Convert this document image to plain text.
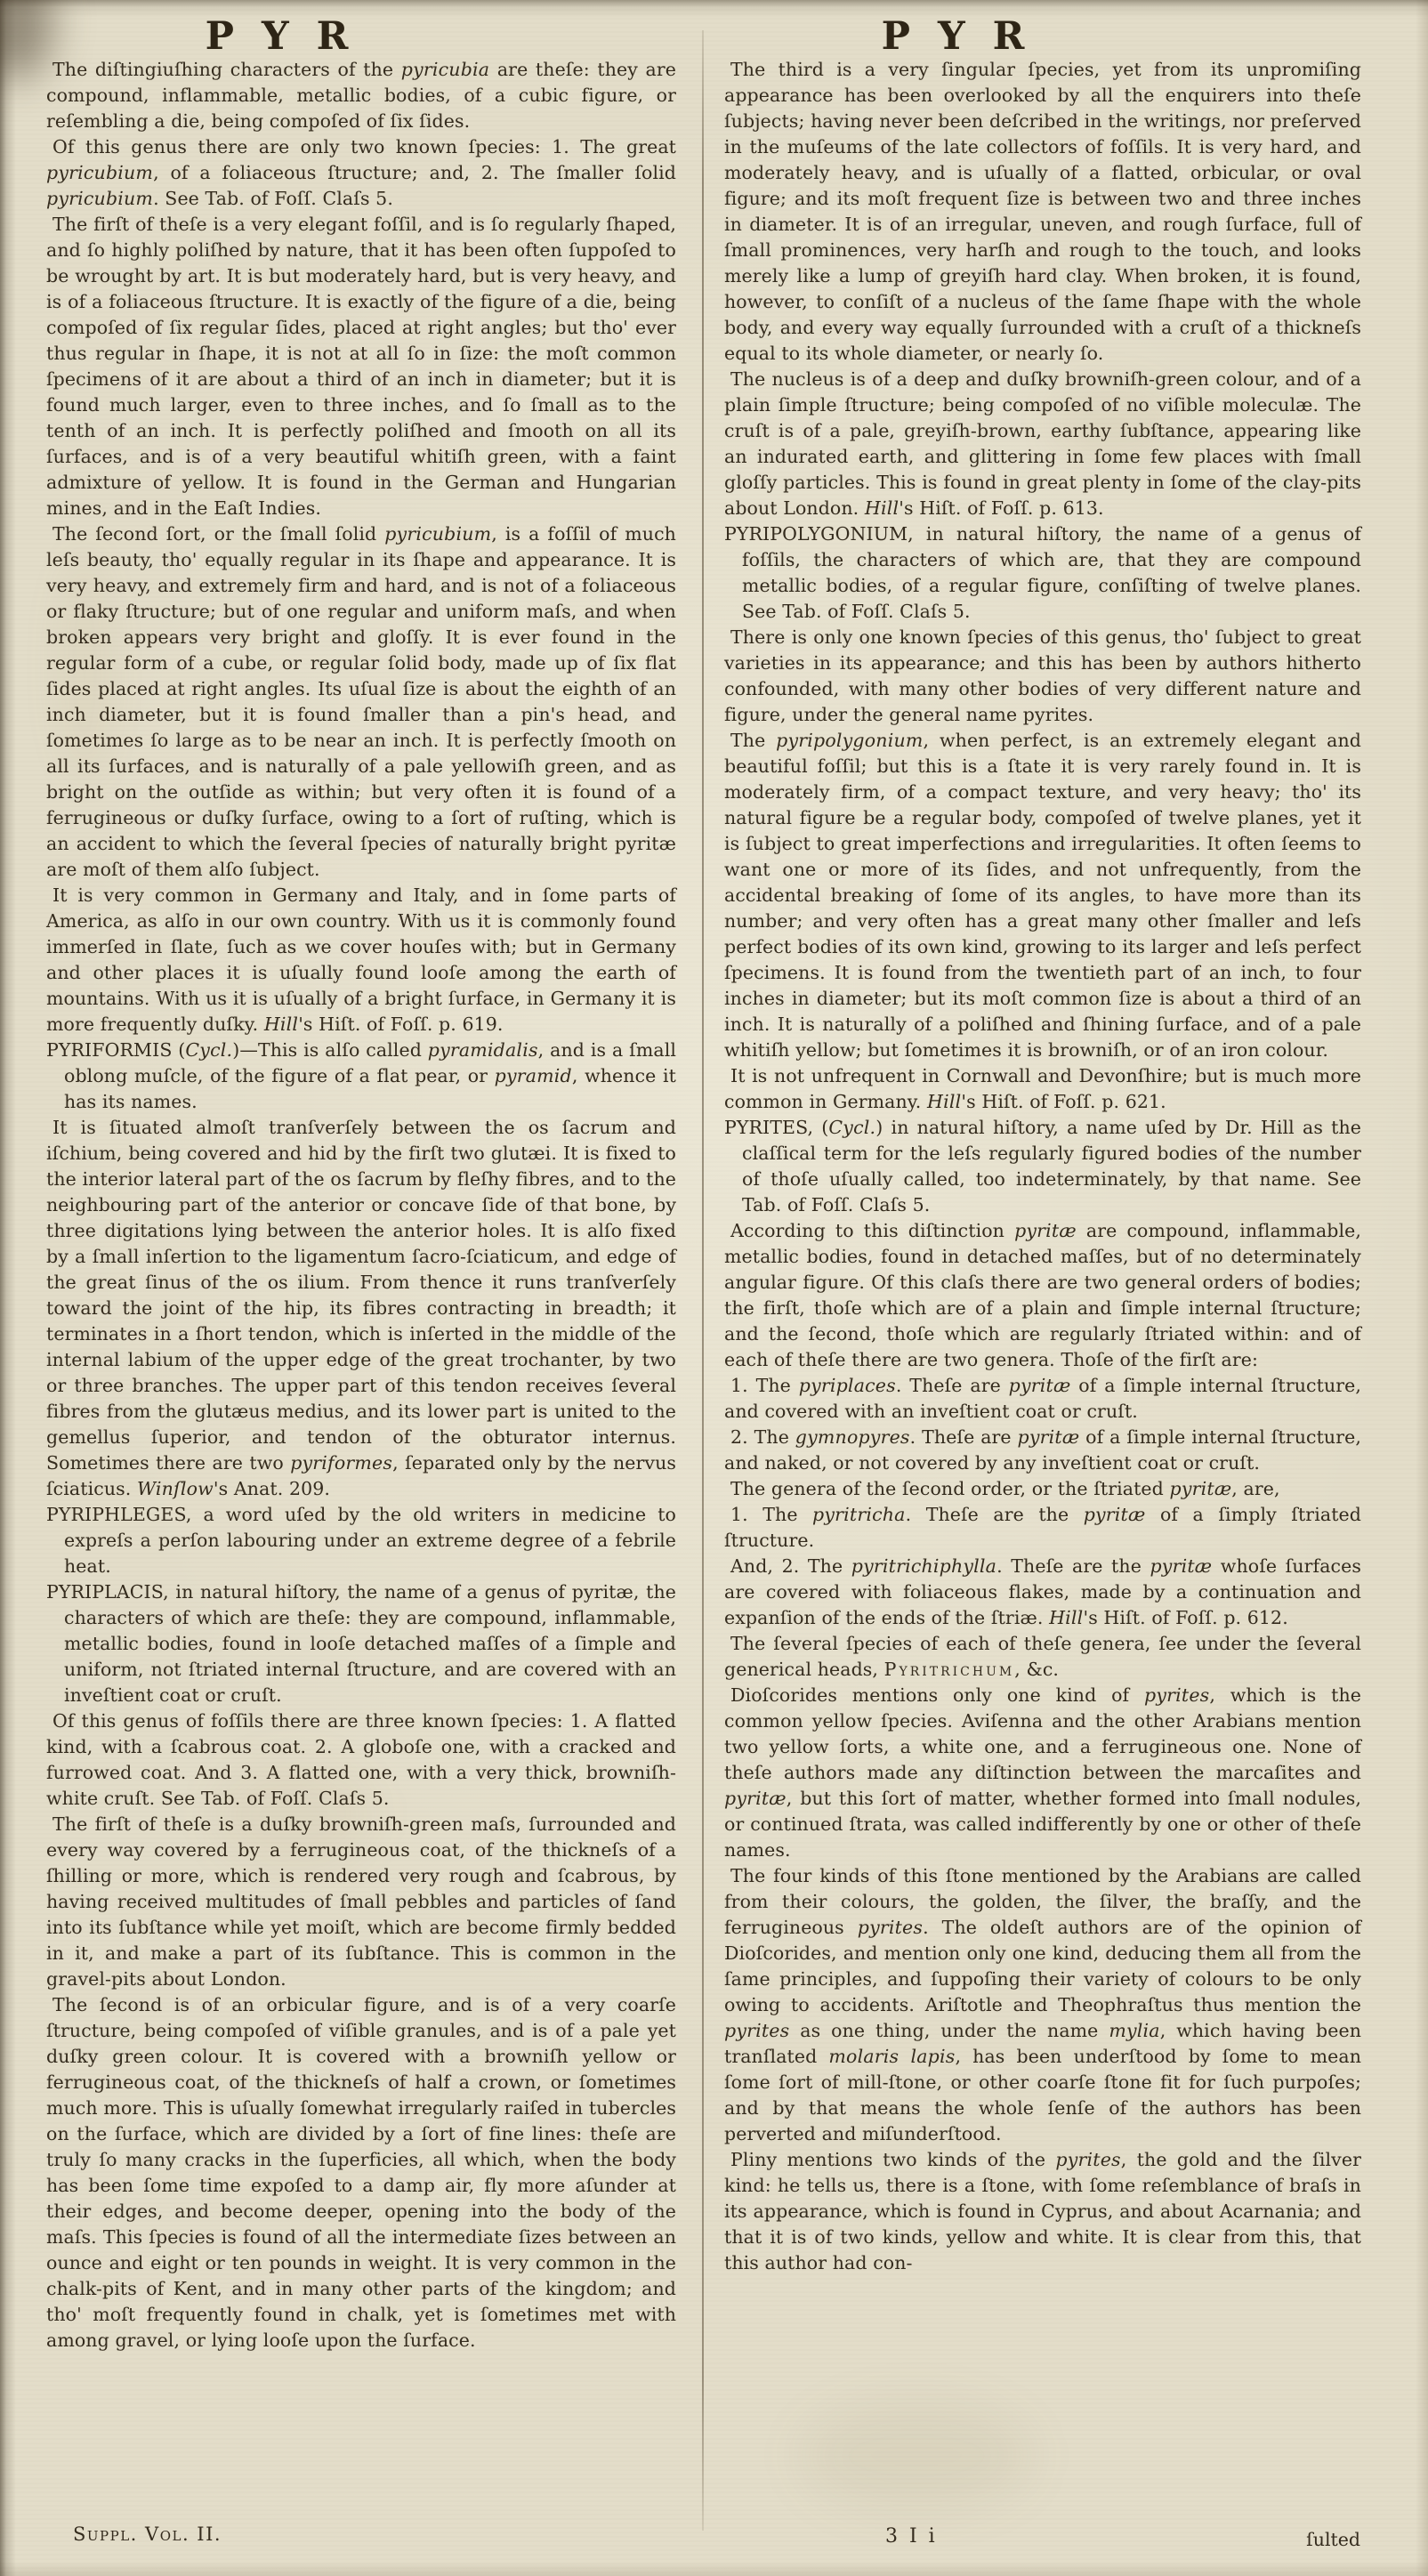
P Y R	P Y R

The diſtingiuſhing characters of the pyricubia are theſe: they are compound, inflammable, metallic bodies, of a cubic figure, or reſembling a die, being compoſed of ſix ſides.

Of this genus there are only two known ſpecies: 1. The great pyricubium, of a foliaceous ſtructure; and, 2. The ſmaller ſolid pyricubium. See Tab. of Foſſ. Claſs 5.

The firſt of theſe is a very elegant foſſil, and is ſo regularly ſhaped, and ſo highly poliſhed by nature, that it has been often ſuppoſed to be wrought by art. It is but moderately hard, but is very heavy, and is of a foliaceous ſtructure. It is exactly of the figure of a die, being compoſed of ſix regular ſides, placed at right angles; but tho' ever thus regular in ſhape, it is not at all ſo in ſize: the moſt common ſpecimens of it are about a third of an inch in diameter; but it is found much larger, even to three inches, and ſo ſmall as to the tenth of an inch. It is perfectly poliſhed and ſmooth on all its ſurfaces, and is of a very beautiful whitiſh green, with a faint admixture of yellow. It is found in the German and Hungarian mines, and in the Eaſt Indies.

The ſecond ſort, or the ſmall ſolid pyricubium, is a foſſil of much leſs beauty, tho' equally regular in its ſhape and appearance. It is very heavy, and extremely firm and hard, and is not of a foliaceous or flaky ſtructure; but of one regular and uniform maſs, and when broken appears very bright and gloſſy. It is ever found in the regular form of a cube, or regular ſolid body, made up of ſix flat ſides placed at right angles. Its uſual ſize is about the eighth of an inch diameter, but it is found ſmaller than a pin's head, and ſometimes ſo large as to be near an inch. It is perfectly ſmooth on all its ſurfaces, and is naturally of a pale yellowiſh green, and as bright on the outſide as within; but very often it is found of a ferrugineous or duſky ſurface, owing to a ſort of ruſting, which is an accident to which the ſeveral ſpecies of naturally bright pyritæ are moſt of them alſo ſubject.

It is very common in Germany and Italy, and in ſome parts of America, as alſo in our own country. With us it is commonly found immerſed in ſlate, ſuch as we cover houſes with; but in Germany and other places it is uſually found looſe among the earth of mountains. With us it is uſually of a bright ſurface, in Germany it is more frequently duſky. Hill's Hiſt. of Foſſ. p. 619.

PYRIFORMIS (Cycl.)—This is alſo called pyramidalis, and is a ſmall oblong muſcle, of the figure of a flat pear, or pyramid, whence it has its names.

It is ſituated almoſt tranſverſely between the os ſacrum and iſchium, being covered and hid by the firſt two glutæi. It is fixed to the interior lateral part of the os ſacrum by fleſhy fibres, and to the neighbouring part of the anterior or concave ſide of that bone, by three digitations lying between the anterior holes. It is alſo fixed by a ſmall inſertion to the ligamentum ſacro-ſciaticum, and edge of the great ſinus of the os ilium. From thence it runs tranſverſely toward the joint of the hip, its fibres contracting in breadth; it terminates in a ſhort tendon, which is inſerted in the middle of the internal labium of the upper edge of the great trochanter, by two or three branches. The upper part of this tendon receives ſeveral fibres from the glutæus medius, and its lower part is united to the gemellus ſuperior, and tendon of the obturator internus. Sometimes there are two pyriformes, ſeparated only by the nervus ſciaticus. Winſlow's Anat. 209.

PYRIPHLEGES, a word uſed by the old writers in medicine to expreſs a perſon labouring under an extreme degree of a febrile heat.

PYRIPLACIS, in natural hiſtory, the name of a genus of pyritæ, the characters of which are theſe: they are compound, inflammable, metallic bodies, found in looſe detached maſſes of a ſimple and uniform, not ſtriated internal ſtructure, and are covered with an inveſtient coat or cruſt.

Of this genus of foſſils there are three known ſpecies: 1. A flatted kind, with a ſcabrous coat. 2. A globoſe one, with a cracked and furrowed coat. And 3. A flatted one, with a very thick, browniſh-white cruſt. See Tab. of Foſſ. Claſs 5.

The firſt of theſe is a duſky browniſh-green maſs, ſurrounded and every way covered by a ferrugineous coat, of the thickneſs of a ſhilling or more, which is rendered very rough and ſcabrous, by having received multitudes of ſmall pebbles and particles of ſand into its ſubſtance while yet moiſt, which are become firmly bedded in it, and make a part of its ſubſtance. This is common in the gravel-pits about London.

The ſecond is of an orbicular figure, and is of a very coarſe ſtructure, being compoſed of viſible granules, and is of a pale yet duſky green colour. It is covered with a browniſh yellow or ferrugineous coat, of the thickneſs of half a crown, or ſometimes much more. This is uſually ſomewhat irregularly raiſed in tubercles on the ſurface, which are divided by a ſort of fine lines: theſe are truly ſo many cracks in the ſuperficies, all which, when the body has been ſome time expoſed to a damp air, fly more aſunder at their edges, and become deeper, opening into the body of the maſs. This ſpecies is found of all the intermediate ſizes between an ounce and eight or ten pounds in weight. It is very common in the chalk-pits of Kent, and in many other parts of the kingdom; and tho' moſt frequently found in chalk, yet is ſometimes met with among gravel, or lying looſe upon the ſurface.

The third is a very ſingular ſpecies, yet from its unpromiſing appearance has been overlooked by all the enquirers into theſe ſubjects; having never been deſcribed in the writings, nor preſerved in the muſeums of the late collectors of foſſils. It is very hard, and moderately heavy, and is uſually of a flatted, orbicular, or oval figure; and its moſt frequent ſize is between two and three inches in diameter. It is of an irregular, uneven, and rough ſurface, full of ſmall prominences, very harſh and rough to the touch, and looks merely like a lump of greyiſh hard clay. When broken, it is found, however, to conſiſt of a nucleus of the ſame ſhape with the whole body, and every way equally ſurrounded with a cruſt of a thickneſs equal to its whole diameter, or nearly ſo.

The nucleus is of a deep and duſky browniſh-green colour, and of a plain ſimple ſtructure; being compoſed of no viſible moleculæ. The cruſt is of a pale, greyiſh-brown, earthy ſubſtance, appearing like an indurated earth, and glittering in ſome few places with ſmall gloſſy particles. This is found in great plenty in ſome of the clay-pits about London. Hill's Hiſt. of Foſſ. p. 613.

PYRIPOLYGONIUM, in natural hiſtory, the name of a genus of foſſils, the characters of which are, that they are compound metallic bodies, of a regular figure, conſiſting of twelve planes. See Tab. of Foſſ. Claſs 5.

There is only one known ſpecies of this genus, tho' ſubject to great varieties in its appearance; and this has been by authors hitherto confounded, with many other bodies of very different nature and figure, under the general name pyrites.

The pyripolygonium, when perfect, is an extremely elegant and beautiful foſſil; but this is a ſtate it is very rarely found in. It is moderately firm, of a compact texture, and very heavy; tho' its natural figure be a regular body, compoſed of twelve planes, yet it is ſubject to great imperfections and irregularities. It often ſeems to want one or more of its ſides, and not unfrequently, from the accidental breaking of ſome of its angles, to have more than its number; and very often has a great many other ſmaller and leſs perfect bodies of its own kind, growing to its larger and leſs perfect ſpecimens. It is found from the twentieth part of an inch, to four inches in diameter; but its moſt common ſize is about a third of an inch. It is naturally of a poliſhed and ſhining ſurface, and of a pale whitiſh yellow; but ſometimes it is browniſh, or of an iron colour.

It is not unfrequent in Cornwall and Devonſhire; but is much more common in Germany. Hill's Hiſt. of Foſſ. p. 621.

PYRITES, (Cycl.) in natural hiſtory, a name uſed by Dr. Hill as the claſſical term for the leſs regularly figured bodies of the number of thoſe uſually called, too indeterminately, by that name. See Tab. of Foſſ. Claſs 5.

According to this diſtinction pyritæ are compound, inflammable, metallic bodies, found in detached maſſes, but of no determinately angular figure. Of this claſs there are two general orders of bodies; the firſt, thoſe which are of a plain and ſimple internal ſtructure; and the ſecond, thoſe which are regularly ſtriated within: and of each of theſe there are two genera. Thoſe of the firſt are:

1. The pyriplaces. Theſe are pyritæ of a ſimple internal ſtructure, and covered with an inveſtient coat or cruſt.

2. The gymnopyres. Theſe are pyritæ of a ſimple internal ſtructure, and naked, or not covered by any inveſtient coat or cruſt.

The genera of the ſecond order, or the ſtriated pyritæ, are,

1. The pyritricha. Theſe are the pyritæ of a ſimply ſtriated ſtructure.

And, 2. The pyritrichiphylla. Theſe are the pyritæ whoſe ſurfaces are covered with foliaceous flakes, made by a continuation and expanſion of the ends of the ſtriæ. Hill's Hiſt. of Foſſ. p. 612.

The ſeveral ſpecies of each of theſe genera, ſee under the ſeveral generical heads, Pyritrichum, &c.

Dioſcorides mentions only one kind of pyrites, which is the common yellow ſpecies. Aviſenna and the other Arabians mention two yellow ſorts, a white one, and a ferrugineous one. None of theſe authors made any diſtinction between the marcaſites and pyritæ, but this ſort of matter, whether formed into ſmall nodules, or continued ſtrata, was called indifferently by one or other of theſe names.

The four kinds of this ſtone mentioned by the Arabians are called from their colours, the golden, the ſilver, the braſſy, and the ferrugineous pyrites. The oldeſt authors are of the opinion of Dioſcorides, and mention only one kind, deducing them all from the ſame principles, and ſuppoſing their variety of colours to be only owing to accidents. Ariſtotle and Theophraſtus thus mention the pyrites as one thing, under the name mylia, which having been tranſlated molaris lapis, has been underſtood by ſome to mean ſome ſort of mill-ſtone, or other coarſe ſtone fit for ſuch purpoſes; and by that means the whole ſenſe of the authors has been perverted and miſunderſtood.

Pliny mentions two kinds of the pyrites, the gold and the ſilver kind: he tells us, there is a ſtone, with ſome reſemblance of braſs in its appearance, which is found in Cyprus, and about Acarnania; and that it is of two kinds, yellow and white. It is clear from this, that this author had con-

Suppl. Vol. II.	3 I i	ſulted
